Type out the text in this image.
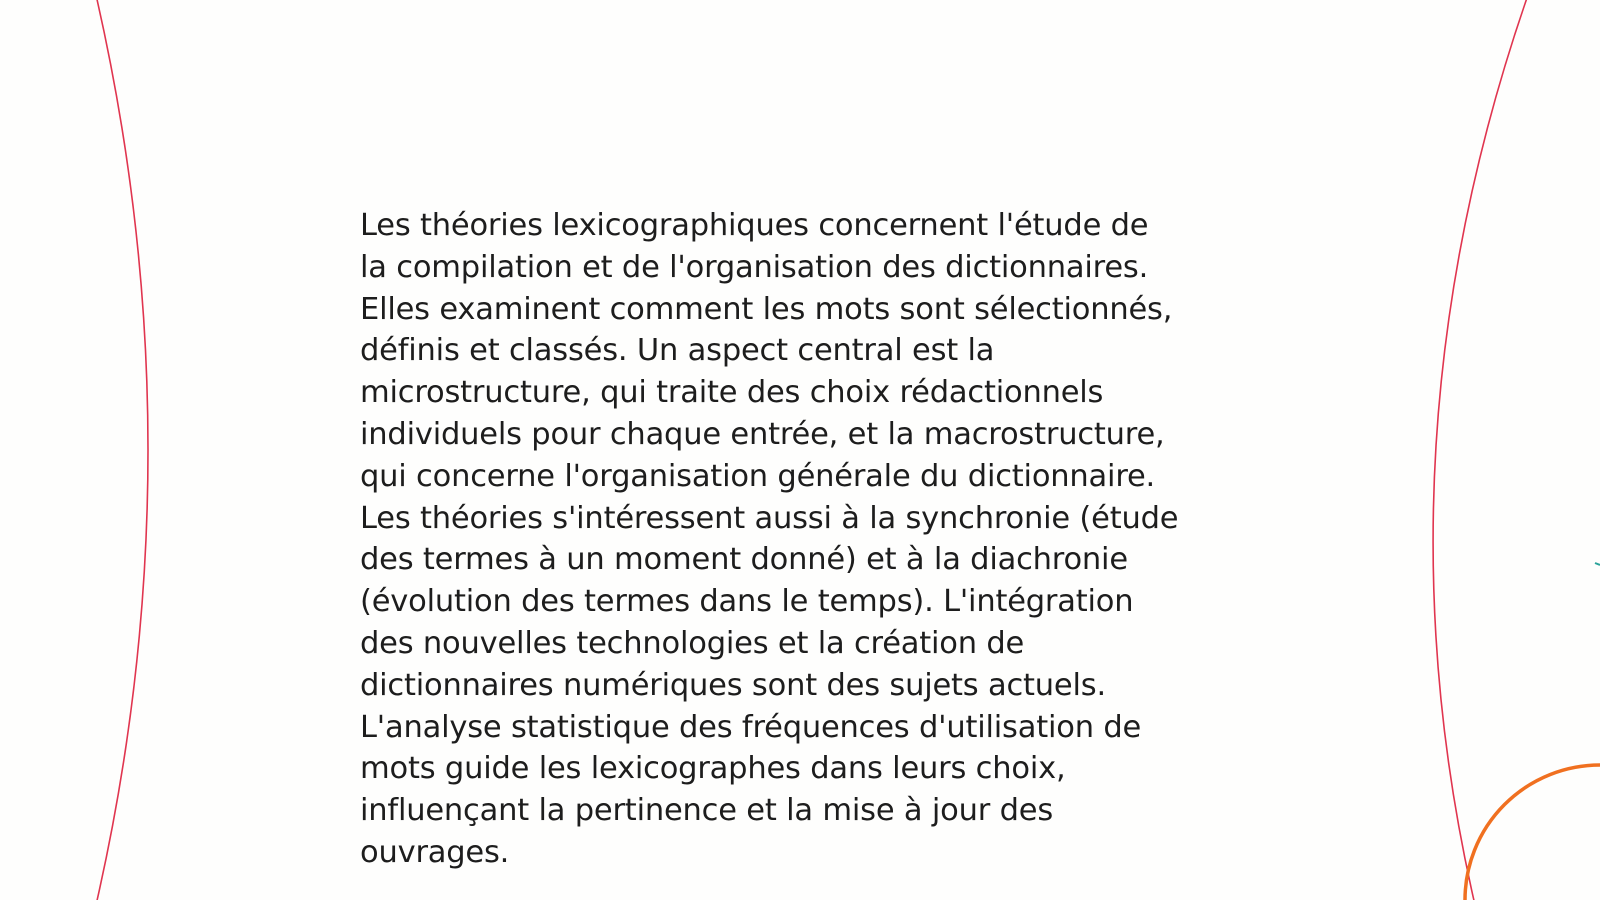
Les théories lexicographiques concernent l'étude de
la compilation et de l'organisation des dictionnaires.
Elles examinent comment les mots sont sélectionnés,
définis et classés. Un aspect central est la
microstructure, qui traite des choix rédactionnels
individuels pour chaque entrée, et la macrostructure,
qui concerne l'organisation générale du dictionnaire.
Les théories s'intéressent aussi à la synchronie (étude
des termes à un moment donné) et à la diachronie
(évolution des termes dans le temps). L'intégration
des nouvelles technologies et la création de
dictionnaires numériques sont des sujets actuels.
L'analyse statistique des fréquences d'utilisation de
mots guide les lexicographes dans leurs choix,
influençant la pertinence et la mise à jour des
ouvrages.
